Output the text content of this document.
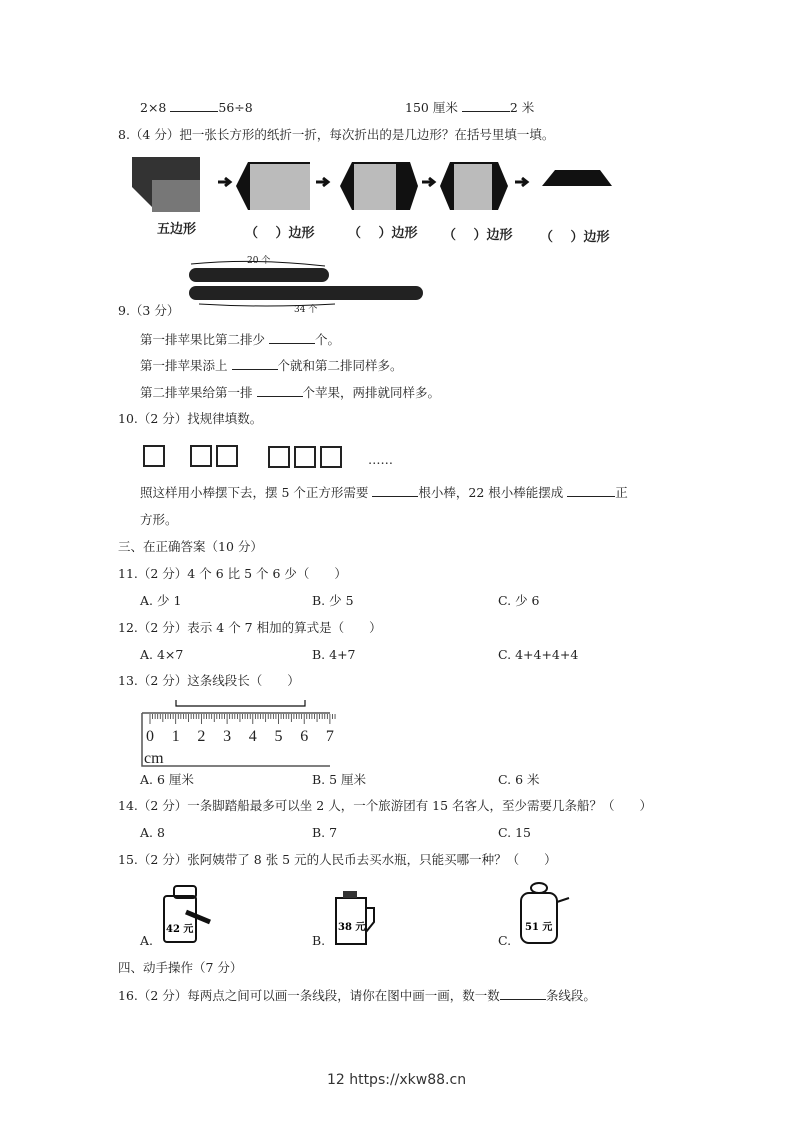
2×8	56÷8	150 厘米	2 米
8.（4 分）把一张长方形的纸折一折，每次折出的是几边形？在括号里填一填。
五边形	（　 ）边形	（　 ）边形 （　 ）边形 （　 ）边形
20 个
34 个
9.（3 分）
第一排苹果比第二排少	个。
第一排苹果添上	个就和第二排同样多。
第二排苹果给第一排	个苹果，两排就同样多。
10.（2 分）找规律填数。
……
照这样用小棒摆下去，摆 5 个正方形需要	根小棒，22 根小棒能摆成	正
方形。
三、在正确答案（10 分）
11.（2 分）4 个 6 比 5 个 6 少（　　）
A. 少 1	B. 少 5	C. 少 6
12.（2 分）表示 4 个 7 相加的算式是（　　）
A. 4×7	B. 4+7	C. 4+4+4+4
13.（2 分）这条线段长（　　）
0 1 2 3 4 5 6 7
cm
A. 6 厘米	B. 5 厘米	C. 6 米
14.（2 分）一条脚踏船最多可以坐 2 人，一个旅游团有 15 名客人，至少需要几条船？（　　）
A. 8	B. 7	C. 15
15.（2 分）张阿姨带了 8 张 5 元的人民币去买水瓶，只能买哪一种？（　　）
42 元	38 元	51 元
A.	B.	C.
四、动手操作（7 分）
16.（2 分）每两点之间可以画一条线段，请你在图中画一画，数一数	条线段。
12 https://xkw88.cn
